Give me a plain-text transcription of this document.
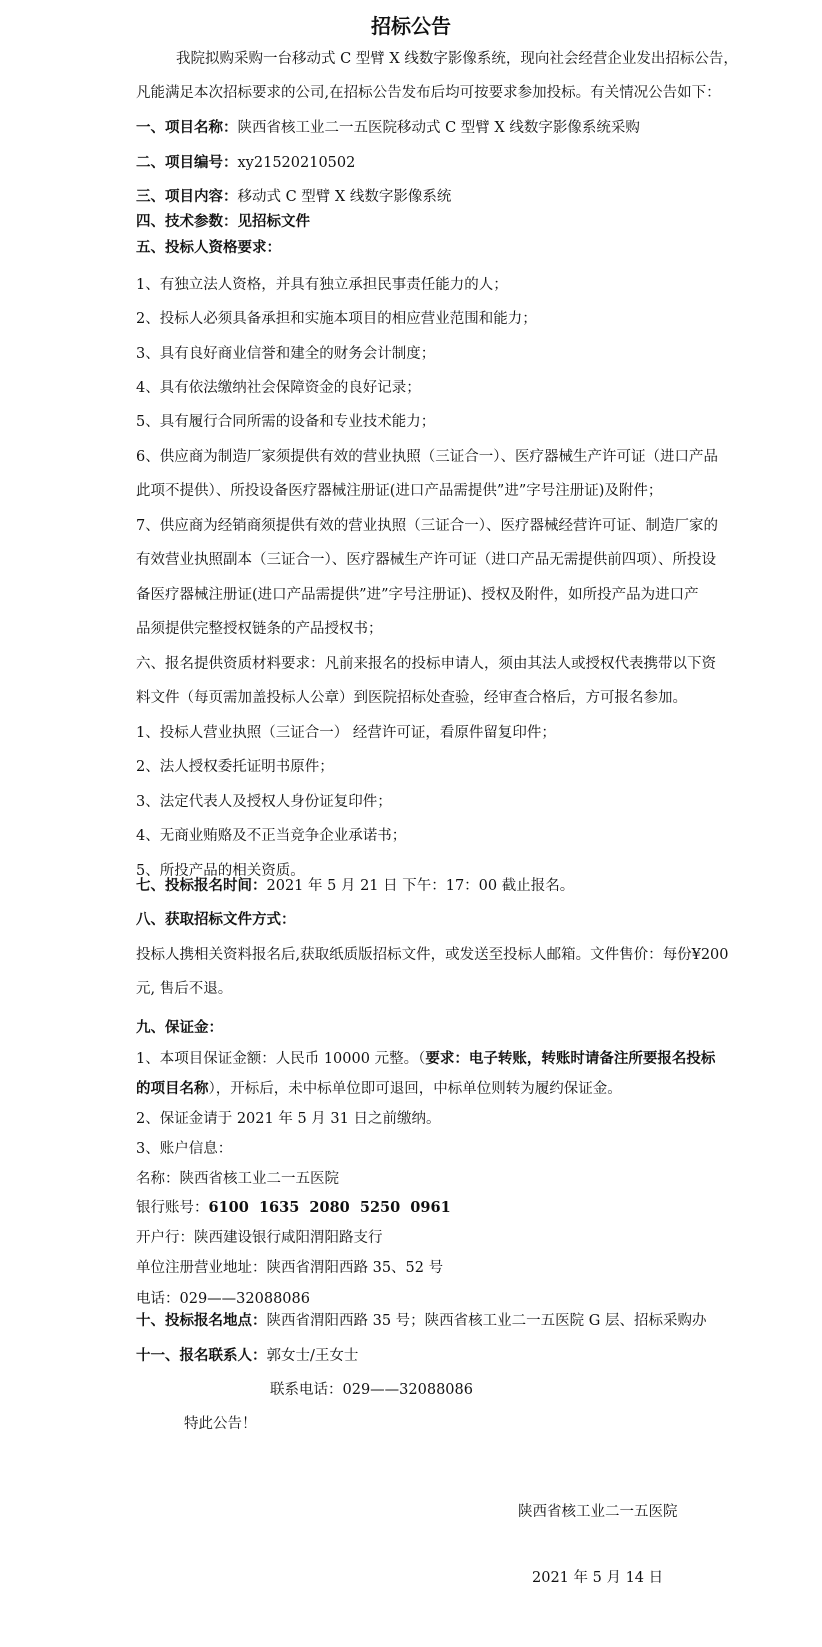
招标公告
我院拟购采购一台移动式 C 型臂 X 线数字影像系统，现向社会经营企业发出招标公告，
凡能满足本次招标要求的公司,在招标公告发布后均可按要求参加投标。有关情况公告如下：
一、项目名称：陕西省核工业二一五医院移动式 C 型臂 X 线数字影像系统采购
二、项目编号：xy21520210502
三、项目内容：移动式 C 型臂 X 线数字影像系统
四、技术参数：见招标文件
五、投标人资格要求：
1、有独立法人资格，并具有独立承担民事责任能力的人；
2、投标人必须具备承担和实施本项目的相应营业范围和能力；
3、具有良好商业信誉和建全的财务会计制度；
4、具有依法缴纳社会保障资金的良好记录；
5、具有履行合同所需的设备和专业技术能力；
6、供应商为制造厂家须提供有效的营业执照（三证合一）、医疗器械生产许可证（进口产品
此项不提供）、所投设备医疗器械注册证(进口产品需提供”进”字号注册证)及附件；
7、供应商为经销商须提供有效的营业执照（三证合一）、医疗器械经营许可证、制造厂家的
有效营业执照副本（三证合一）、医疗器械生产许可证（进口产品无需提供前四项）、所投设
备医疗器械注册证(进口产品需提供”进”字号注册证)、授权及附件，如所投产品为进口产
品须提供完整授权链条的产品授权书；
六、报名提供资质材料要求：凡前来报名的投标申请人，须由其法人或授权代表携带以下资
料文件（每页需加盖投标人公章）到医院招标处查验，经审查合格后，方可报名参加。
1、投标人营业执照（三证合一） 经营许可证，看原件留复印件；
2、法人授权委托证明书原件；
3、法定代表人及授权人身份证复印件；
4、无商业贿赂及不正当竞争企业承诺书；
5、所投产品的相关资质。
七、投标报名时间：2021 年 5 月 21 日 下午：17：00 截止报名。
八、获取招标文件方式：
投标人携相关资料报名后,获取纸质版招标文件，或发送至投标人邮箱。文件售价：每份¥200
元, 售后不退。
九、保证金：
1、本项目保证金额：人民币 10000 元整。（要求：电子转账，转账时请备注所要报名投标
的项目名称），开标后，未中标单位即可退回，中标单位则转为履约保证金。
2、保证金请于 2021 年 5 月 31 日之前缴纳。
3、账户信息：
名称：陕西省核工业二一五医院
银行账号：6100  1635  2080  5250  0961
开户行：陕西建设银行咸阳渭阳路支行
单位注册营业地址：陕西省渭阳西路 35、52 号
电话：029——32088086
十、投标报名地点：陕西省渭阳西路 35 号；陕西省核工业二一五医院 G 层、招标采购办
十一、报名联系人：郭女士/王女士
联系电话：029——32088086
特此公告！
陕西省核工业二一五医院
2021 年 5 月 14 日
